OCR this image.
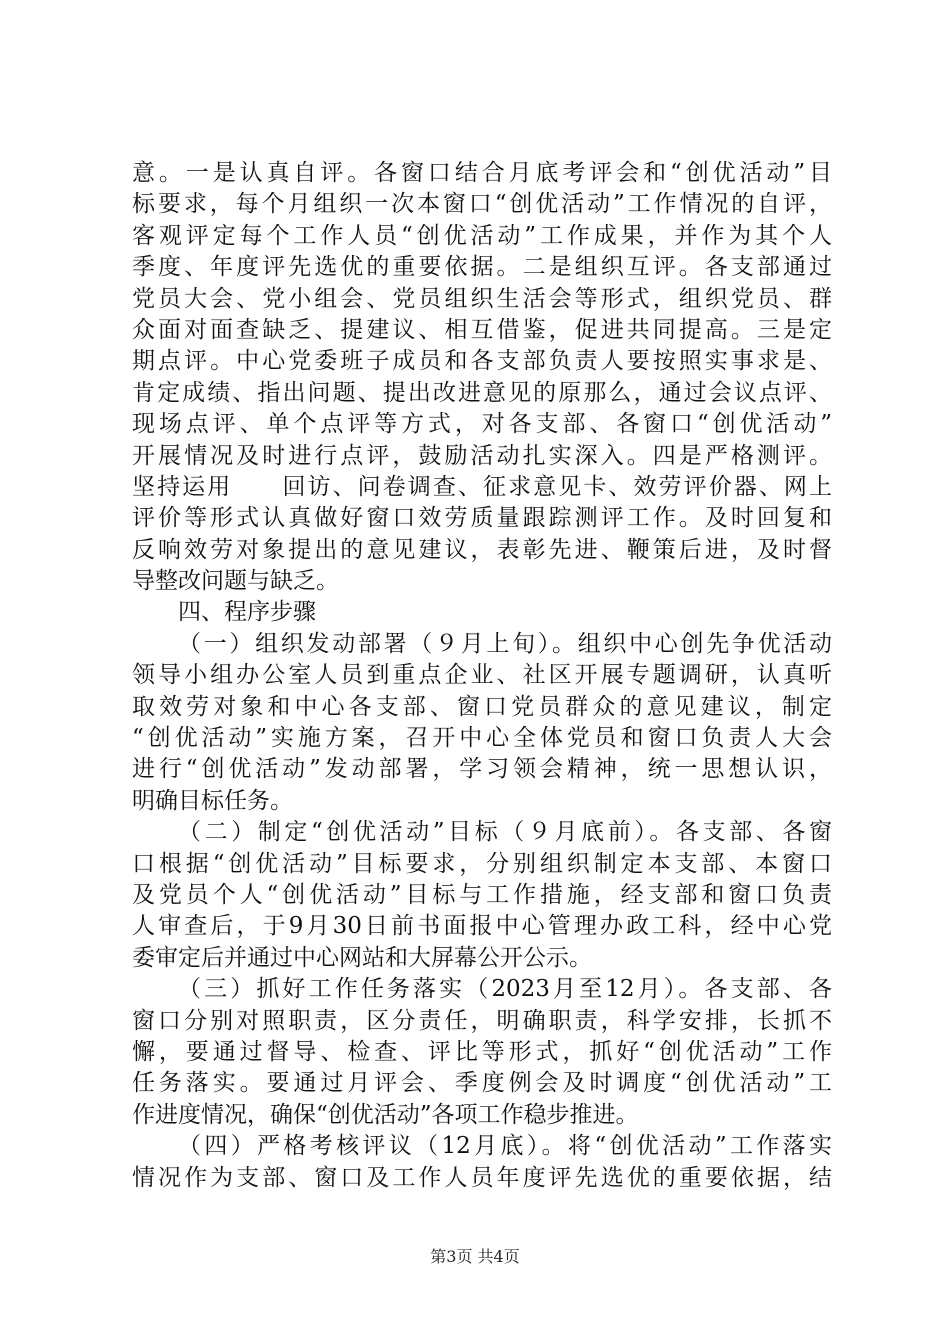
意。一是认真自评。各窗口结合月底考评会和“创优活动”目
标要求，每个月组织一次本窗口“创优活动”工作情况的自评，
客观评定每个工作人员“创优活动”工作成果，并作为其个人
季度、年度评先选优的重要依据。二是组织互评。各支部通过
党员大会、党小组会、党员组织生活会等形式，组织党员、群
众面对面查缺乏、提建议、相互借鉴，促进共同提高。三是定
期点评。中心党委班子成员和各支部负责人要按照实事求是、
肯定成绩、指出问题、提出改进意见的原那么，通过会议点评、
现场点评、单个点评等方式，对各支部、各窗口“创优活动”
开展情况及时进行点评，鼓励活动扎实深入。四是严格测评。
坚持运用　　回访、问卷调查、征求意见卡、效劳评价器、网上
评价等形式认真做好窗口效劳质量跟踪测评工作。及时回复和
反响效劳对象提出的意见建议，表彰先进、鞭策后进，及时督
导整改问题与缺乏。
四、程序步骤
（一）组织发动部署（９月上旬）。组织中心创先争优活动
领导小组办公室人员到重点企业、社区开展专题调研，认真听
取效劳对象和中心各支部、窗口党员群众的意见建议，制定
“创优活动”实施方案，召开中心全体党员和窗口负责人大会
进行“创优活动”发动部署，学习领会精神，统一思想认识，
明确目标任务。
（二）制定“创优活动”目标（９月底前）。各支部、各窗
口根据“创优活动”目标要求，分别组织制定本支部、本窗口
及党员个人“创优活动”目标与工作措施，经支部和窗口负责
人审查后，于9月30日前书面报中心管理办政工科，经中心党
委审定后并通过中心网站和大屏幕公开公示。
（三）抓好工作任务落实（2023月至12月）。各支部、各
窗口分别对照职责，区分责任，明确职责，科学安排，长抓不
懈，要通过督导、检查、评比等形式，抓好“创优活动”工作
任务落实。要通过月评会、季度例会及时调度“创优活动”工
作进度情况，确保“创优活动”各项工作稳步推进。
（四）严格考核评议（12月底）。将“创优活动”工作落实
情况作为支部、窗口及工作人员年度评先选优的重要依据，结
第3页 共4页
